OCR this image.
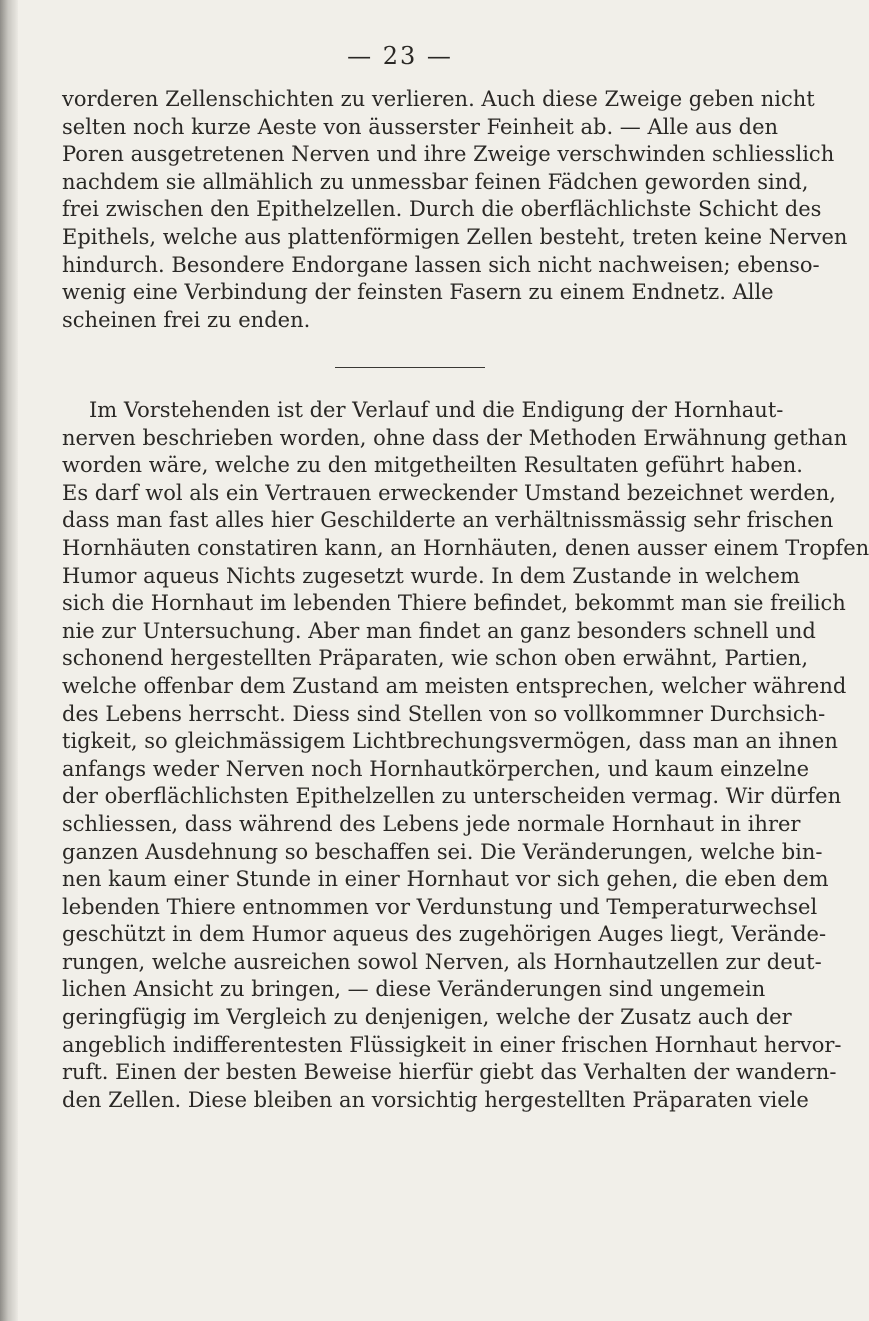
— 23 —
vorderen Zellenschichten zu verlieren. Auch diese Zweige geben nicht
selten noch kurze Aeste von äusserster Feinheit ab. — Alle aus den
Poren ausgetretenen Nerven und ihre Zweige verschwinden schliesslich
nachdem sie allmählich zu unmessbar feinen Fädchen geworden sind,
frei zwischen den Epithelzellen. Durch die oberflächlichste Schicht des
Epithels, welche aus plattenförmigen Zellen besteht, treten keine Nerven
hindurch. Besondere Endorgane lassen sich nicht nachweisen; ebenso-
wenig eine Verbindung der feinsten Fasern zu einem Endnetz. Alle
scheinen frei zu enden.
Im Vorstehenden ist der Verlauf und die Endigung der Hornhaut-
nerven beschrieben worden, ohne dass der Methoden Erwähnung gethan
worden wäre, welche zu den mitgetheilten Resultaten geführt haben.
Es darf wol als ein Vertrauen erweckender Umstand bezeichnet werden,
dass man fast alles hier Geschilderte an verhältnissmässig sehr frischen
Hornhäuten constatiren kann, an Hornhäuten, denen ausser einem Tropfen
Humor aqueus Nichts zugesetzt wurde. In dem Zustande in welchem
sich die Hornhaut im lebenden Thiere befindet, bekommt man sie freilich
nie zur Untersuchung. Aber man findet an ganz besonders schnell und
schonend hergestellten Präparaten, wie schon oben erwähnt, Partien,
welche offenbar dem Zustand am meisten entsprechen, welcher während
des Lebens herrscht. Diess sind Stellen von so vollkommner Durchsich-
tigkeit, so gleichmässigem Lichtbrechungsvermögen, dass man an ihnen
anfangs weder Nerven noch Hornhautkörperchen, und kaum einzelne
der oberflächlichsten Epithelzellen zu unterscheiden vermag. Wir dürfen
schliessen, dass während des Lebens jede normale Hornhaut in ihrer
ganzen Ausdehnung so beschaffen sei. Die Veränderungen, welche bin-
nen kaum einer Stunde in einer Hornhaut vor sich gehen, die eben dem
lebenden Thiere entnommen vor Verdunstung und Temperaturwechsel
geschützt in dem Humor aqueus des zugehörigen Auges liegt, Verände-
rungen, welche ausreichen sowol Nerven, als Hornhautzellen zur deut-
lichen Ansicht zu bringen, — diese Veränderungen sind ungemein
geringfügig im Vergleich zu denjenigen, welche der Zusatz auch der
angeblich indifferentesten Flüssigkeit in einer frischen Hornhaut hervor-
ruft. Einen der besten Beweise hierfür giebt das Verhalten der wandern-
den Zellen. Diese bleiben an vorsichtig hergestellten Präparaten viele
